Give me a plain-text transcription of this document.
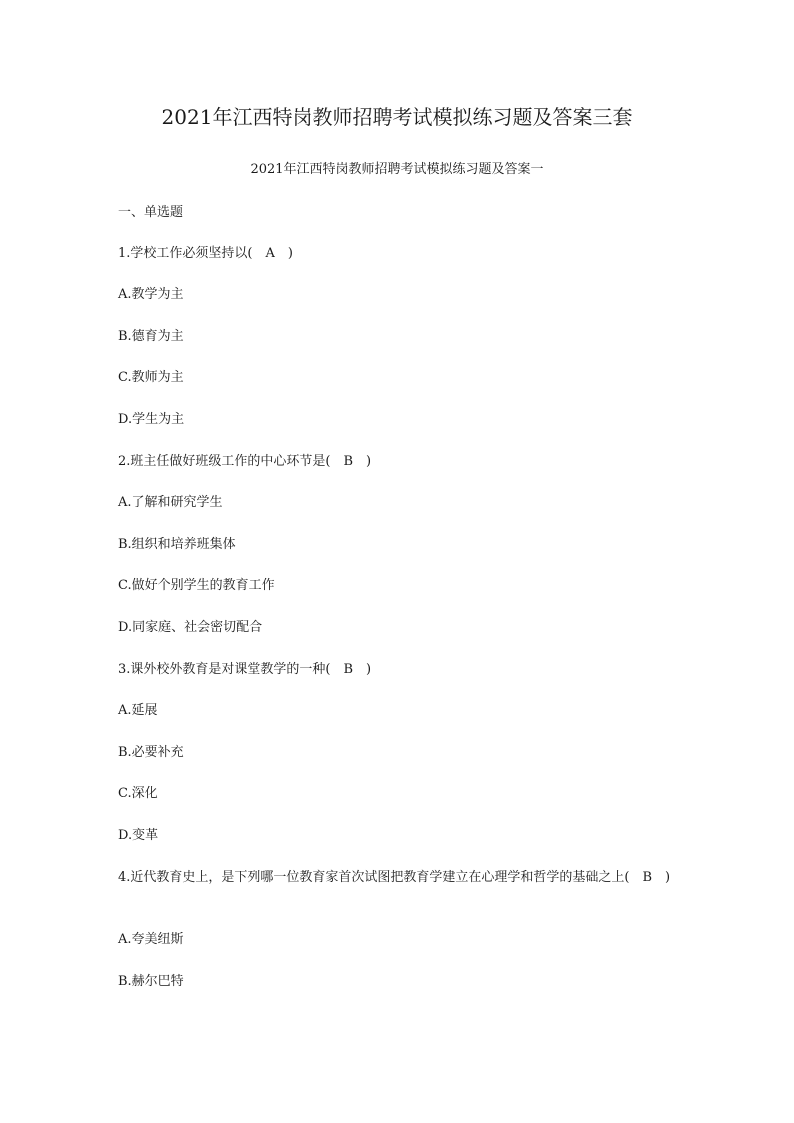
2021年江西特岗教师招聘考试模拟练习题及答案三套
2021年江西特岗教师招聘考试模拟练习题及答案一
一、单选题
1.学校工作必须坚持以(　A　)
A.教学为主
B.德育为主
C.教师为主
D.学生为主
2.班主任做好班级工作的中心环节是(　B　)
A.了解和研究学生
B.组织和培养班集体
C.做好个别学生的教育工作
D.同家庭、社会密切配合
3.课外校外教育是对课堂教学的一种(　B　)
A.延展
B.必要补充
C.深化
D.变革
4.近代教育史上，是下列哪一位教育家首次试图把教育学建立在心理学和哲学的基础之上(　B　)
A.夸美纽斯
B.赫尔巴特
